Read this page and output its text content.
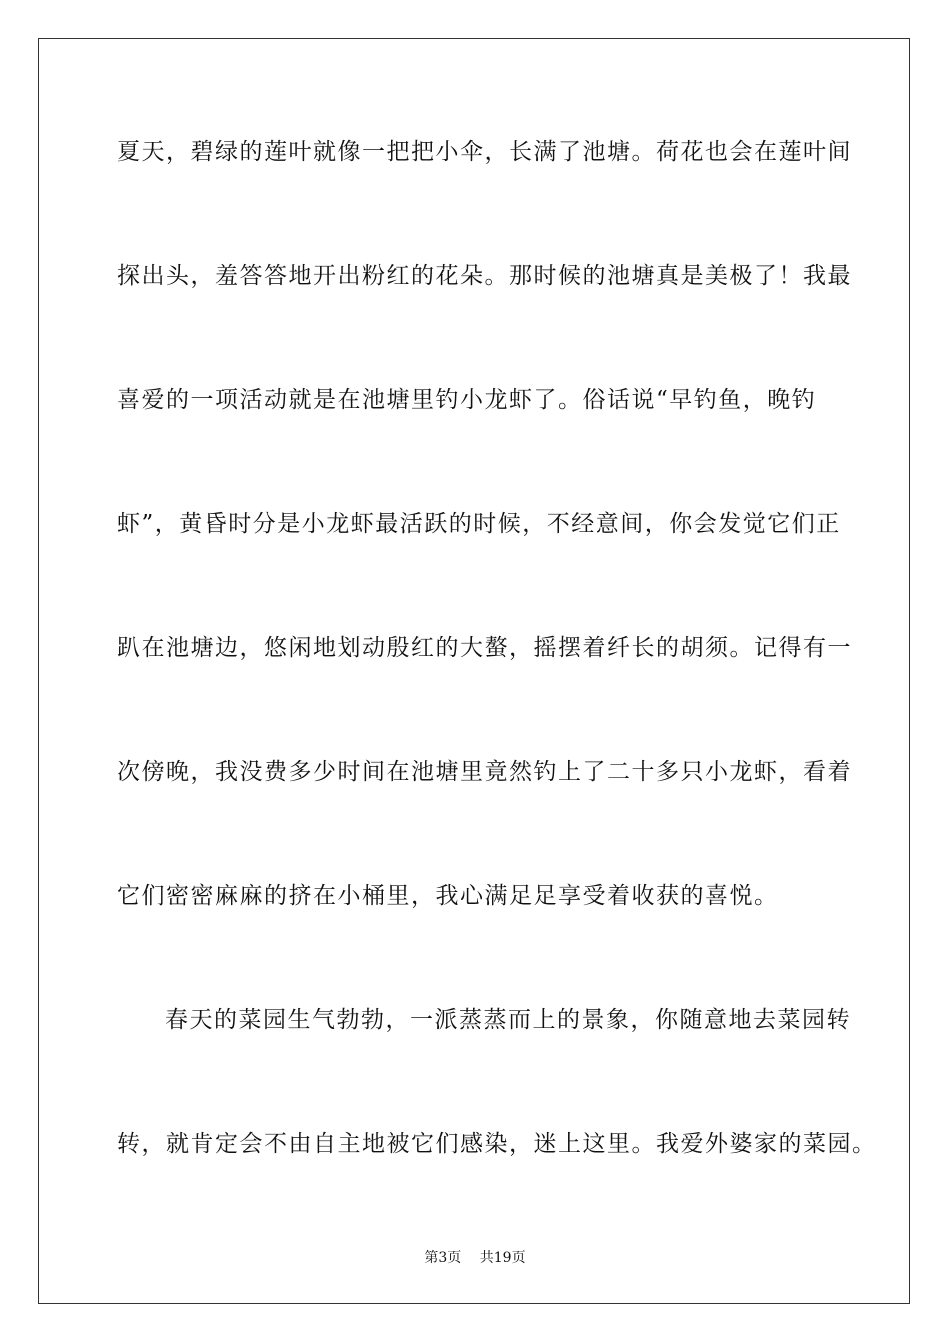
夏天，碧绿的莲叶就像一把把小伞，长满了池塘。荷花也会在莲叶间
探出头，羞答答地开出粉红的花朵。那时候的池塘真是美极了！我最
喜爱的一项活动就是在池塘里钓小龙虾了。俗话说“早钓鱼，晚钓
虾”，黄昏时分是小龙虾最活跃的时候，不经意间，你会发觉它们正
趴在池塘边，悠闲地划动殷红的大螯，摇摆着纤长的胡须。记得有一
次傍晚，我没费多少时间在池塘里竟然钓上了二十多只小龙虾，看着
它们密密麻麻的挤在小桶里，我心满足足享受着收获的喜悦。
春天的菜园生气勃勃，一派蒸蒸而上的景象，你随意地去菜园转
转，就肯定会不由自主地被它们感染，迷上这里。我爱外婆家的菜园。
第3页 共19页
